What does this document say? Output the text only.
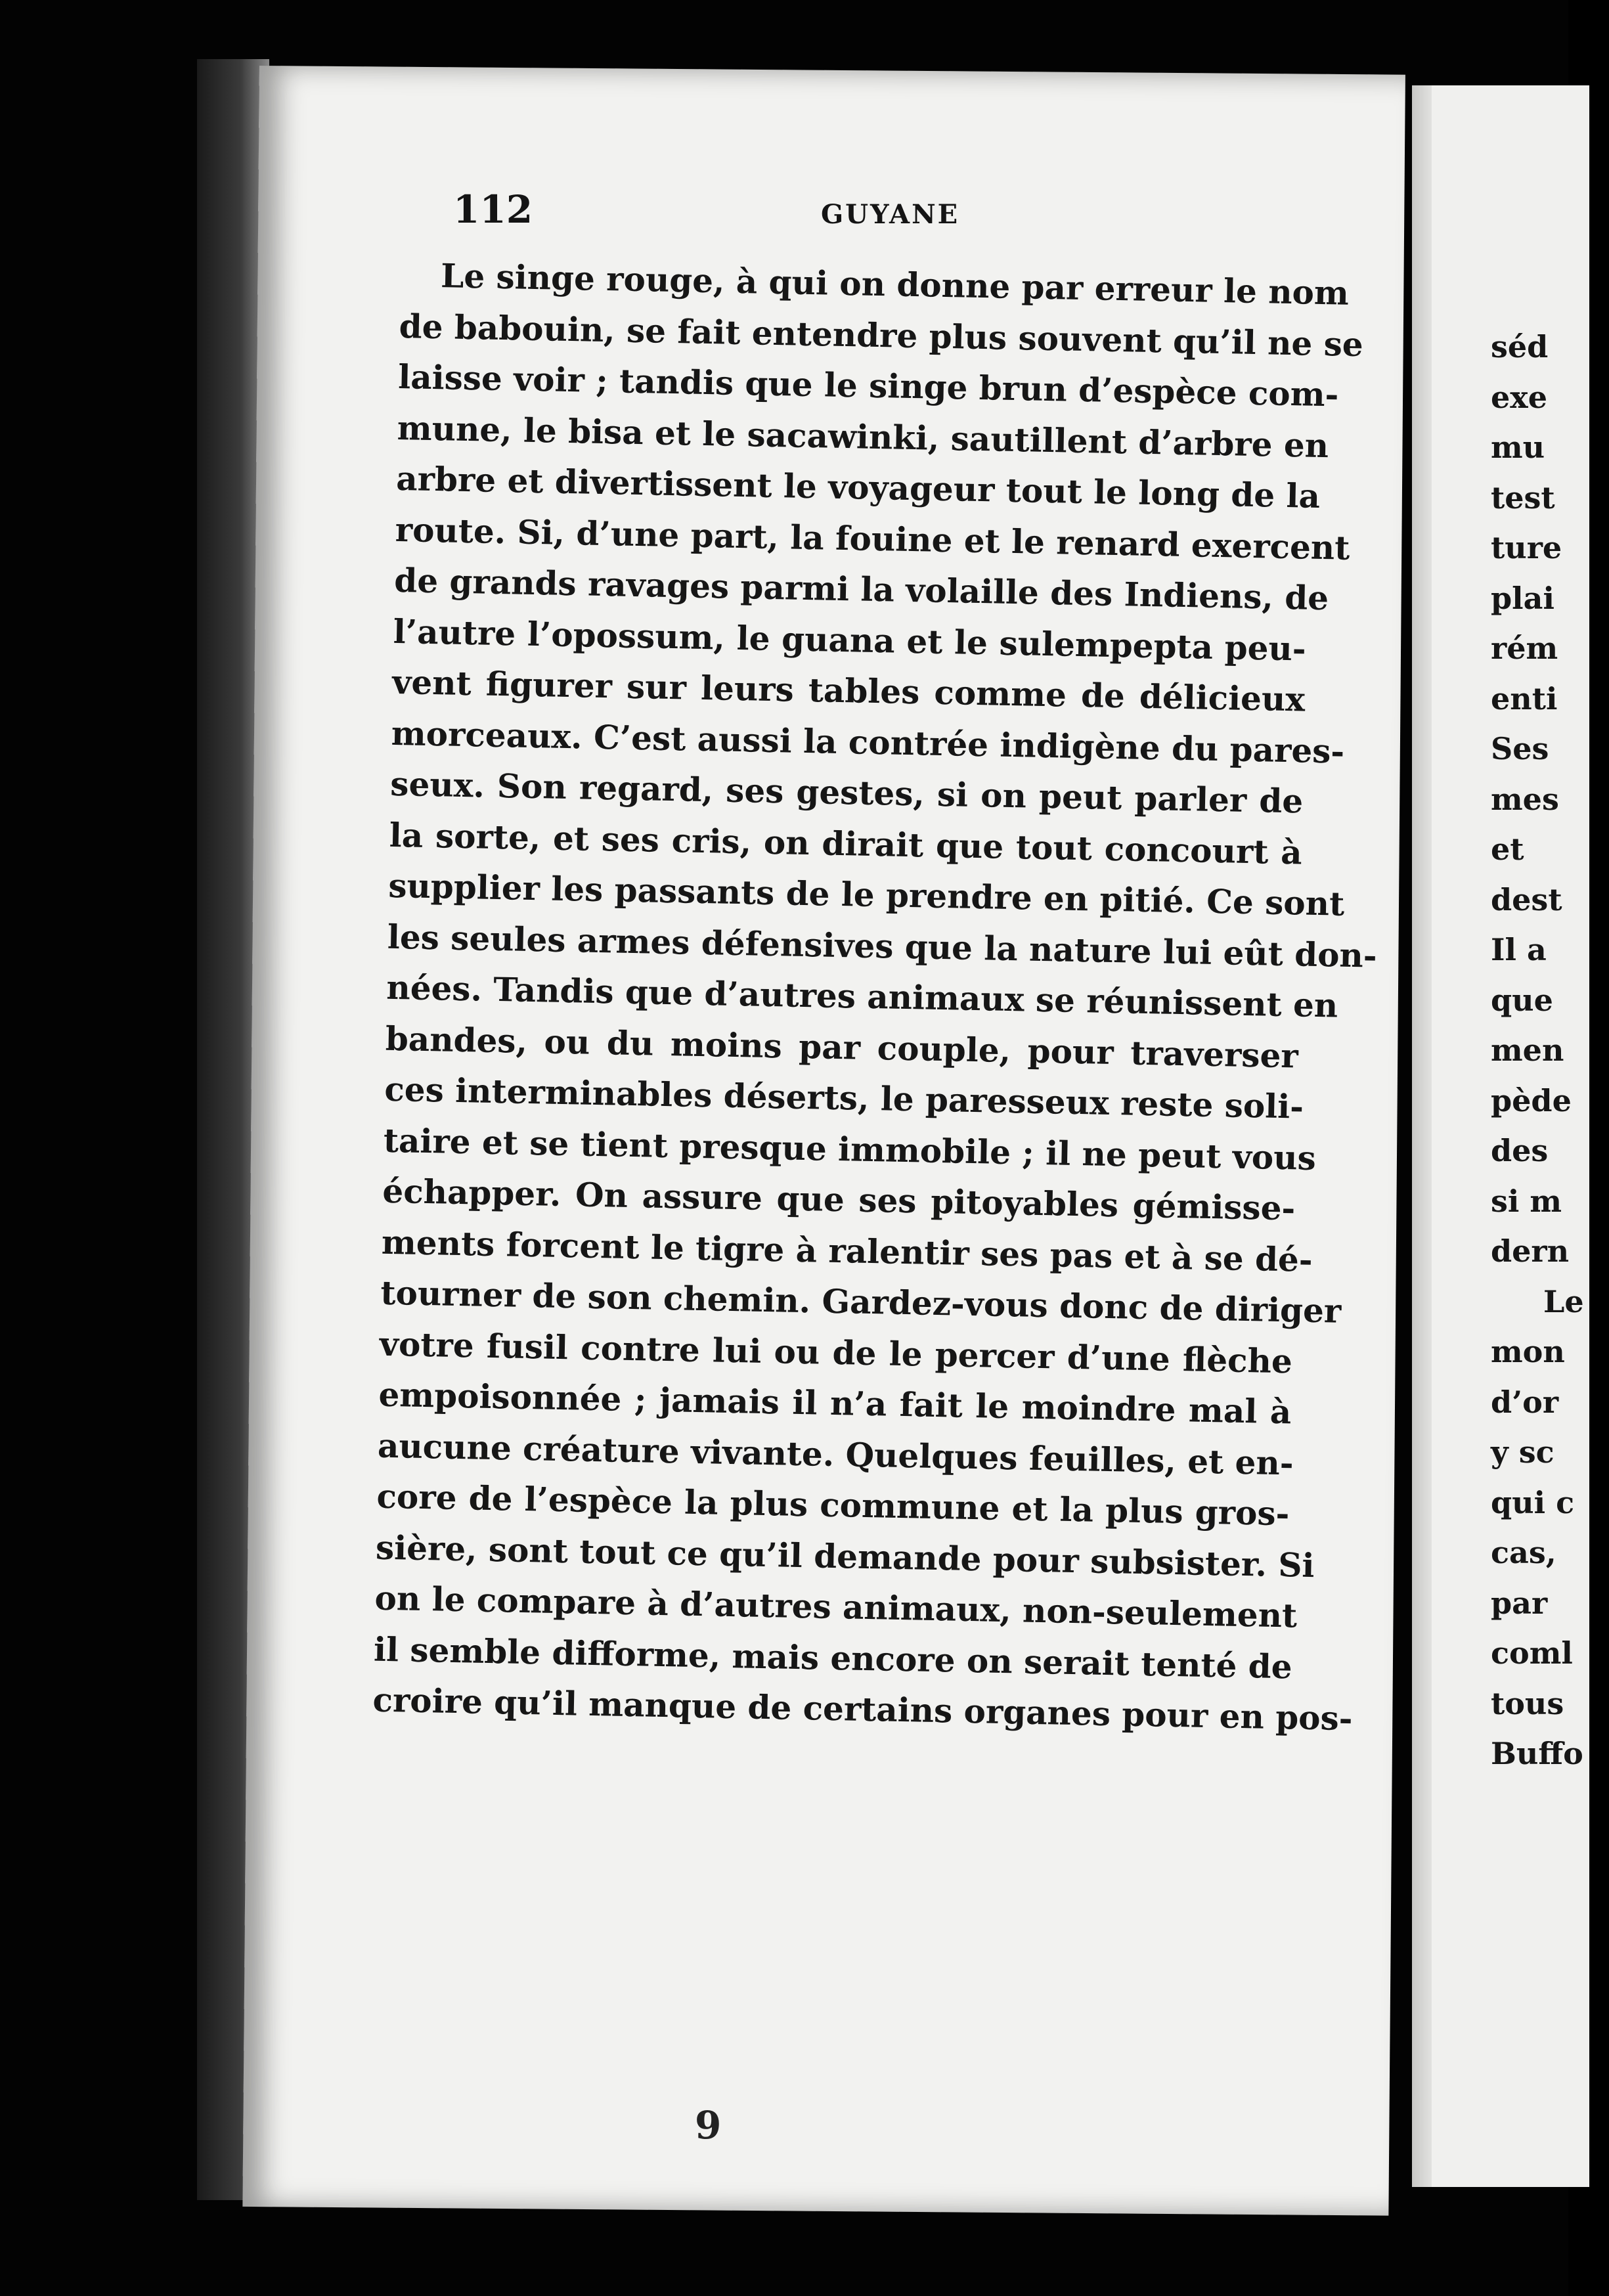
112	GUYANE
Le singe rouge, à qui on donne par erreur le nom
de babouin, se fait entendre plus souvent qu’il ne se
laisse voir ; tandis que le singe brun d’espèce com-
mune, le bisa et le sacawinki, sautillent d’arbre en
arbre et divertissent le voyageur tout le long de la
route. Si, d’une part, la fouine et le renard exercent
de grands ravages parmi la volaille des Indiens, de
l’autre l’opossum, le guana et le sulempepta peu-
vent figurer sur leurs tables comme de délicieux
morceaux. C’est aussi la contrée indigène du pares-
seux. Son regard, ses gestes, si on peut parler de
la sorte, et ses cris, on dirait que tout concourt à
supplier les passants de le prendre en pitié. Ce sont
les seules armes défensives que la nature lui eût don-
nées. Tandis que d’autres animaux se réunissent en
bandes, ou du moins par couple, pour traverser
ces interminables déserts, le paresseux reste soli-
taire et se tient presque immobile ; il ne peut vous
échapper. On assure que ses pitoyables gémisse-
ments forcent le tigre à ralentir ses pas et à se dé-
tourner de son chemin. Gardez-vous donc de diriger
votre fusil contre lui ou de le percer d’une flèche
empoisonnée ; jamais il n’a fait le moindre mal à
aucune créature vivante. Quelques feuilles, et en-
core de l’espèce la plus commune et la plus gros-
sière, sont tout ce qu’il demande pour subsister. Si
on le compare à d’autres animaux, non-seulement
il semble difforme, mais encore on serait tenté de
croire qu’il manque de certains organes pour en pos-
séd
exe
mu
test
ture
plai
rém
enti
Ses
mes
et
dest
Il a
que
men
pède
des
si m
dern
Le
mon
d’or
y sc
qui c
cas,
par
coml
tous
Buffo
9
